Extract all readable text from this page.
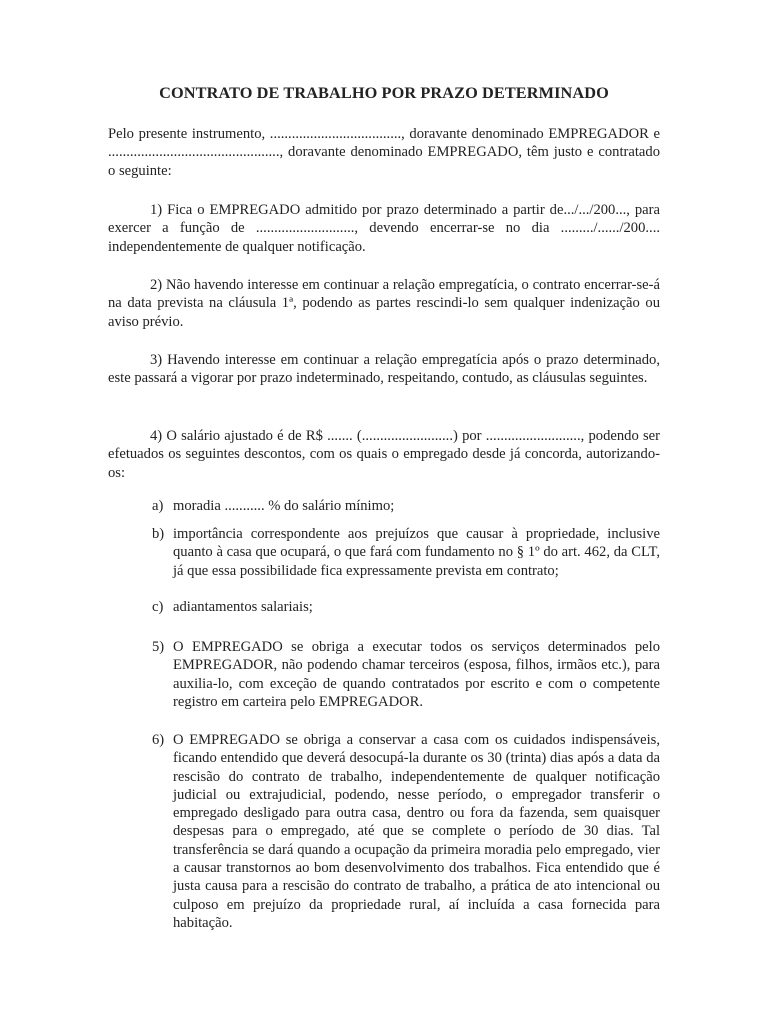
CONTRATO DE TRABALHO POR PRAZO DETERMINADO

Pelo presente instrumento, ...................................., doravante denominado EMPREGADOR e ..............................................., doravante denominado EMPREGADO, têm justo e contratado o seguinte:

1) Fica o EMPREGADO admitido por prazo determinado a partir de.../.../200..., para exercer a função de ..........................., devendo encerrar-se no dia ........./....../200.... independentemente de qualquer notificação.

2) Não havendo interesse em continuar a relação empregatícia, o contrato encerrar-se-á na data prevista na cláusula 1ª, podendo as partes rescindi-lo sem qualquer indenização ou aviso prévio.

3) Havendo interesse em continuar a relação empregatícia após o prazo determinado, este passará a vigorar por prazo indeterminado, respeitando, contudo, as cláusulas seguintes.

4) O salário ajustado é de R$ ....... (.........................) por .........................., podendo ser efetuados os seguintes descontos, com os quais o empregado desde já concorda, autorizando-os:

a) moradia ........... % do salário mínimo;
b) importância correspondente aos prejuízos que causar à propriedade, inclusive quanto à casa que ocupará, o que fará com fundamento no § 1º do art. 462, da CLT, já que essa possibilidade fica expressamente prevista em contrato;
c) adiantamentos salariais;
5) O EMPREGADO se obriga a executar todos os serviços determinados pelo EMPREGADOR, não podendo chamar terceiros (esposa, filhos, irmãos etc.), para auxilia-lo, com exceção de quando contratados por escrito e com o competente registro em carteira pelo EMPREGADOR.
6) O EMPREGADO se obriga a conservar a casa com os cuidados indispensáveis, ficando entendido que deverá desocupá-la durante os 30 (trinta) dias após a data da rescisão do contrato de trabalho, independentemente de qualquer notificação judicial ou extrajudicial, podendo, nesse período, o empregador transferir o empregado desligado para outra casa, dentro ou fora da fazenda, sem quaisquer despesas para o empregado, até que se complete o período de 30 dias. Tal transferência se dará quando a ocupação da primeira moradia pelo empregado, vier a causar transtornos ao bom desenvolvimento dos trabalhos. Fica entendido que é justa causa para a rescisão do contrato de trabalho, a prática de ato intencional ou culposo em prejuízo da propriedade rural, aí incluída a casa fornecida para habitação.
